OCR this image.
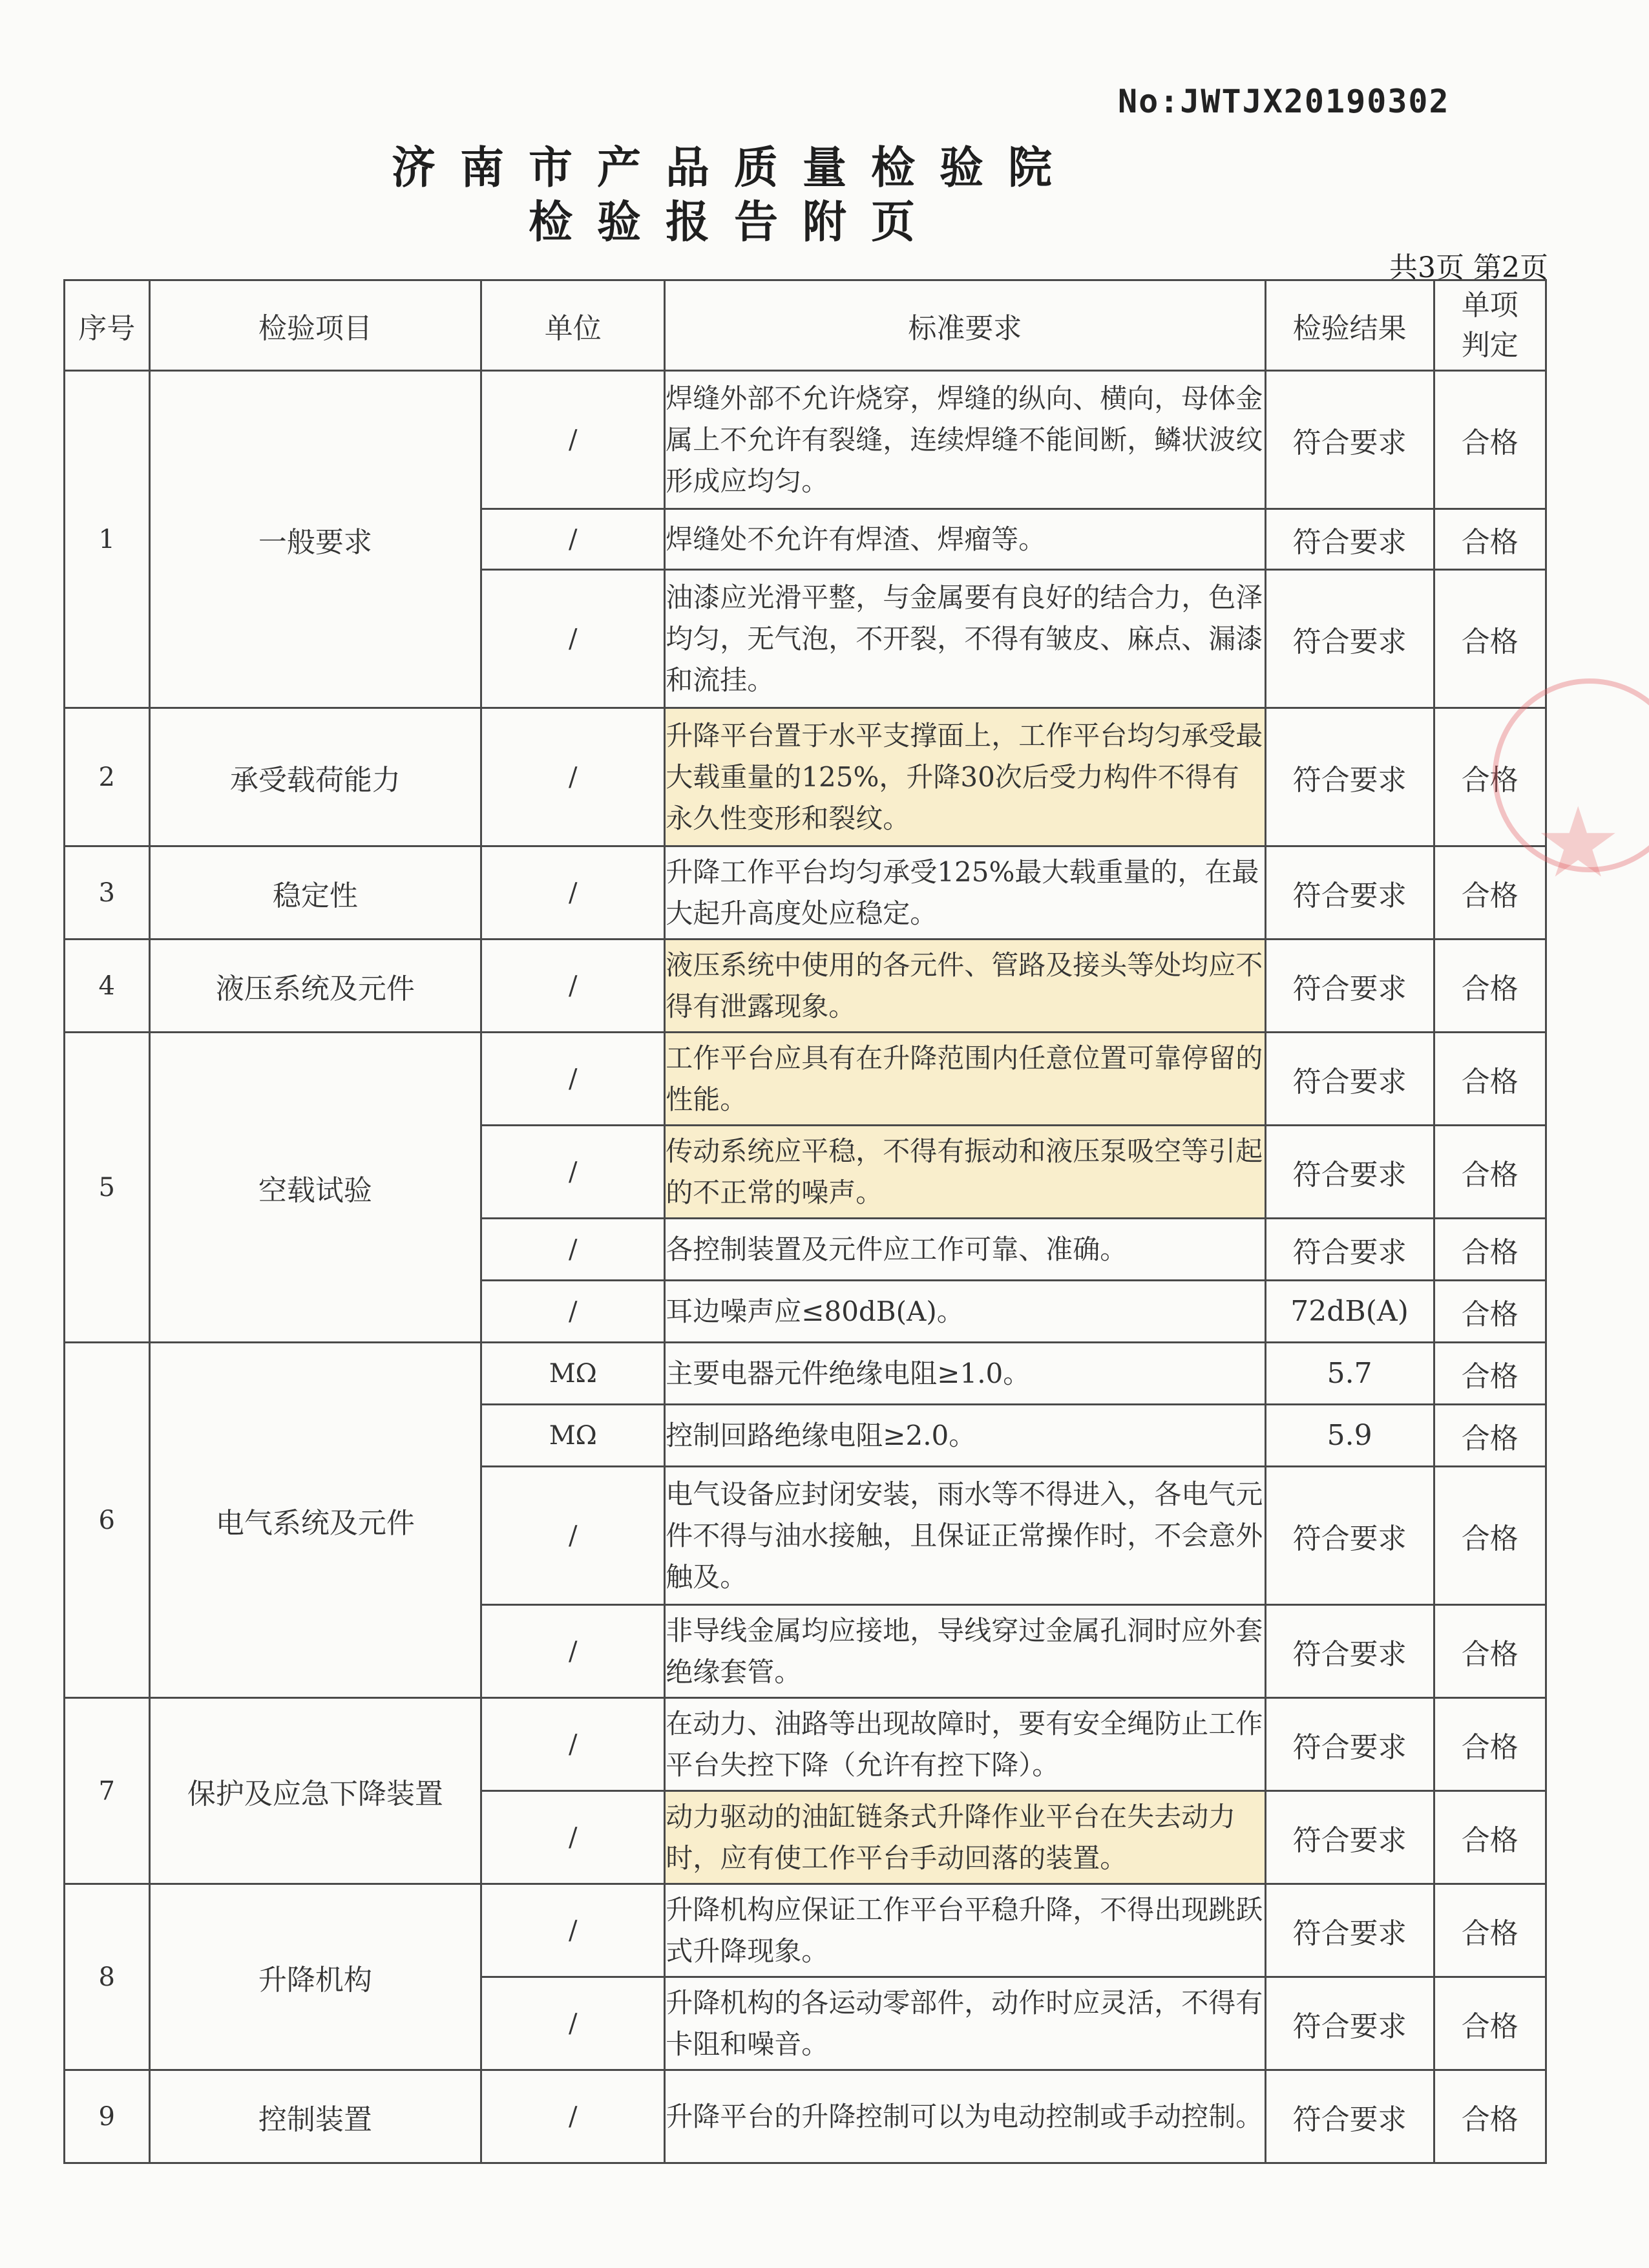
No:JWTJX20190302
济南市产品质量检验院
检验报告附页
共3页 第2页
序号	检验项目	单位	标准要求	检验结果	单项判定
1	一般要求	/	焊缝外部不允许烧穿，焊缝的纵向、横向，母体金属上不允许有裂缝，连续焊缝不能间断，鳞状波纹形成应均匀。	符合要求	合格
		/	焊缝处不允许有焊渣、焊瘤等。	符合要求	合格
		/	油漆应光滑平整，与金属要有良好的结合力，色泽均匀，无气泡，不开裂，不得有皱皮、麻点、漏漆和流挂。	符合要求	合格
2	承受载荷能力	/	升降平台置于水平支撑面上，工作平台均匀承受最大载重量的125%，升降30次后受力构件不得有永久性变形和裂纹。	符合要求	合格
3	稳定性	/	升降工作平台均匀承受125%最大载重量的，在最大起升高度处应稳定。	符合要求	合格
4	液压系统及元件	/	液压系统中使用的各元件、管路及接头等处均应不得有泄露现象。	符合要求	合格
5	空载试验	/	工作平台应具有在升降范围内任意位置可靠停留的性能。	符合要求	合格
		/	传动系统应平稳，不得有振动和液压泵吸空等引起的不正常的噪声。	符合要求	合格
		/	各控制装置及元件应工作可靠、准确。	符合要求	合格
		/	耳边噪声应≤80dB(A)。	72dB(A)	合格
6	电气系统及元件	MΩ	主要电器元件绝缘电阻≥1.0。	5.7	合格
		MΩ	控制回路绝缘电阻≥2.0。	5.9	合格
		/	电气设备应封闭安装，雨水等不得进入，各电气元件不得与油水接触，且保证正常操作时，不会意外触及。	符合要求	合格
		/	非导线金属均应接地，导线穿过金属孔洞时应外套绝缘套管。	符合要求	合格
7	保护及应急下降装置	/	在动力、油路等出现故障时，要有安全绳防止工作平台失控下降（允许有控下降）。	符合要求	合格
		/	动力驱动的油缸链条式升降作业平台在失去动力时，应有使工作平台手动回落的装置。	符合要求	合格
8	升降机构	/	升降机构应保证工作平台平稳升降，不得出现跳跃式升降现象。	符合要求	合格
		/	升降机构的各运动零部件，动作时应灵活，不得有卡阻和噪音。	符合要求	合格
9	控制装置	/	升降平台的升降控制可以为电动控制或手动控制。	符合要求	合格
★
